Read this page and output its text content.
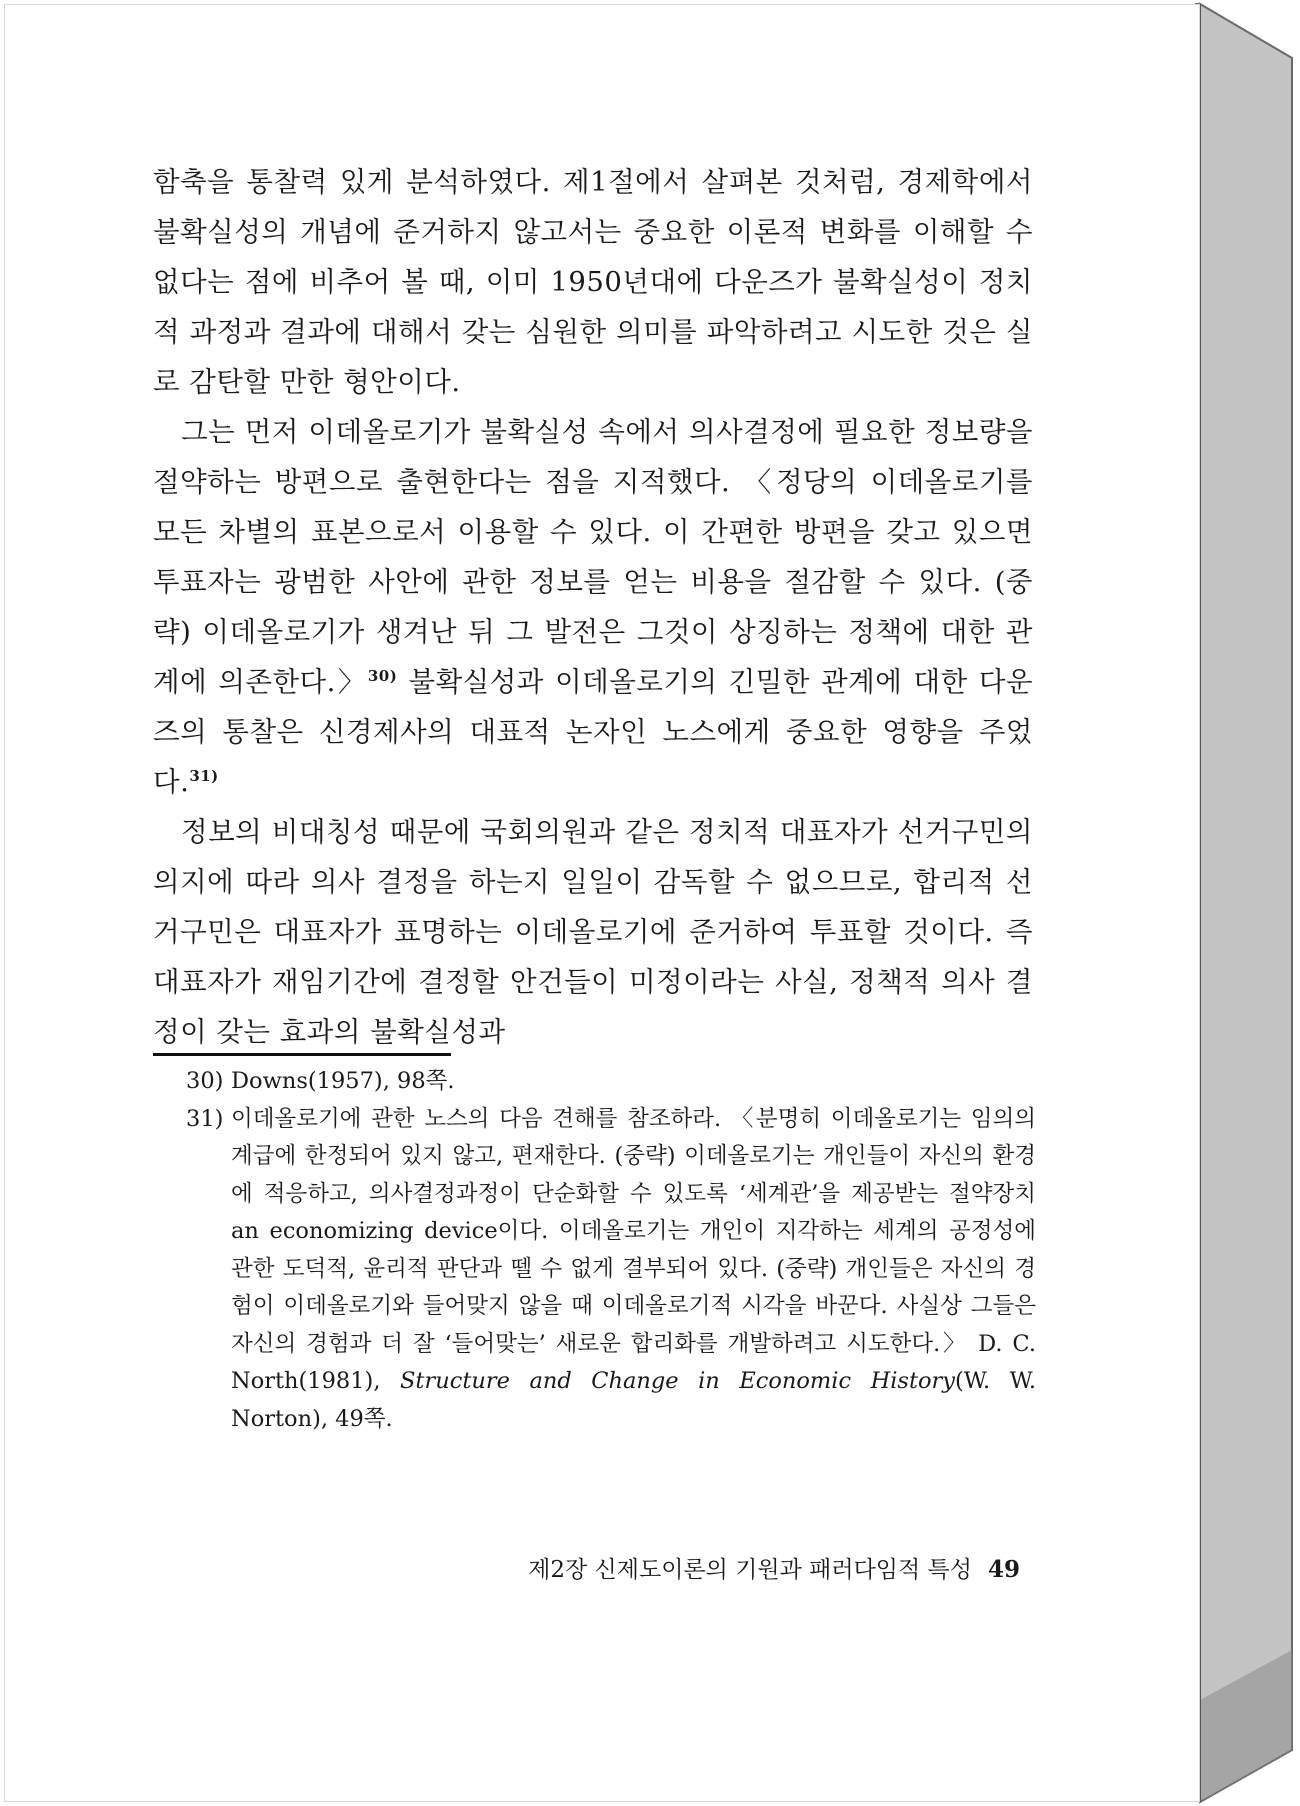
함축을 통찰력 있게 분석하였다. 제1절에서 살펴본 것처럼, 경제학에서 불확실성의 개념에 준거하지 않고서는 중요한 이론적 변화를 이해할 수 없다는 점에 비추어 볼 때, 이미 1950년대에 다운즈가 불확실성이 정치적 과정과 결과에 대해서 갖는 심원한 의미를 파악하려고 시도한 것은 실로 감탄할 만한 형안이다.

그는 먼저 이데올로기가 불확실성 속에서 의사결정에 필요한 정보량을 절약하는 방편으로 출현한다는 점을 지적했다. 〈정당의 이데올로기를 모든 차별의 표본으로서 이용할 수 있다. 이 간편한 방편을 갖고 있으면 투표자는 광범한 사안에 관한 정보를 얻는 비용을 절감할 수 있다. (중략) 이데올로기가 생겨난 뒤 그 발전은 그것이 상징하는 정책에 대한 관계에 의존한다.〉$^{30)}$ 불확실성과 이데올로기의 긴밀한 관계에 대한 다운즈의 통찰은 신경제사의 대표적 논자인 노스에게 중요한 영향을 주었다.$^{31)}$

정보의 비대칭성 때문에 국회의원과 같은 정치적 대표자가 선거구민의 의지에 따라 의사 결정을 하는지 일일이 감독할 수 없으므로, 합리적 선거구민은 대표자가 표명하는 이데올로기에 준거하여 투표할 것이다. 즉 대표자가 재임기간에 결정할 안건들이 미정이라는 사실, 정책적 의사 결정이 갖는 효과의 불확실성과

30) Downs(1957), 98쪽.

31) 이데올로기에 관한 노스의 다음 견해를 참조하라. 〈분명히 이데올로기는 임의의 계급에 한정되어 있지 않고, 편재한다. (중략) 이데올로기는 개인들이 자신의 환경에 적응하고, 의사결정과정이 단순화할 수 있도록 ‘세계관’을 제공받는 절약장치 an economizing device이다. 이데올로기는 개인이 지각하는 세계의 공정성에 관한 도덕적, 윤리적 판단과 뗄 수 없게 결부되어 있다. (중략) 개인들은 자신의 경험이 이데올로기와 들어맞지 않을 때 이데올로기적 시각을 바꾼다. 사실상 그들은 자신의 경험과 더 잘 ‘들어맞는’ 새로운 합리화를 개발하려고 시도한다.〉 D. C. North(1981), Structure and Change in Economic History(W. W. Norton), 49쪽.

제2장 신제도이론의 기원과 패러다임적 특성 49
